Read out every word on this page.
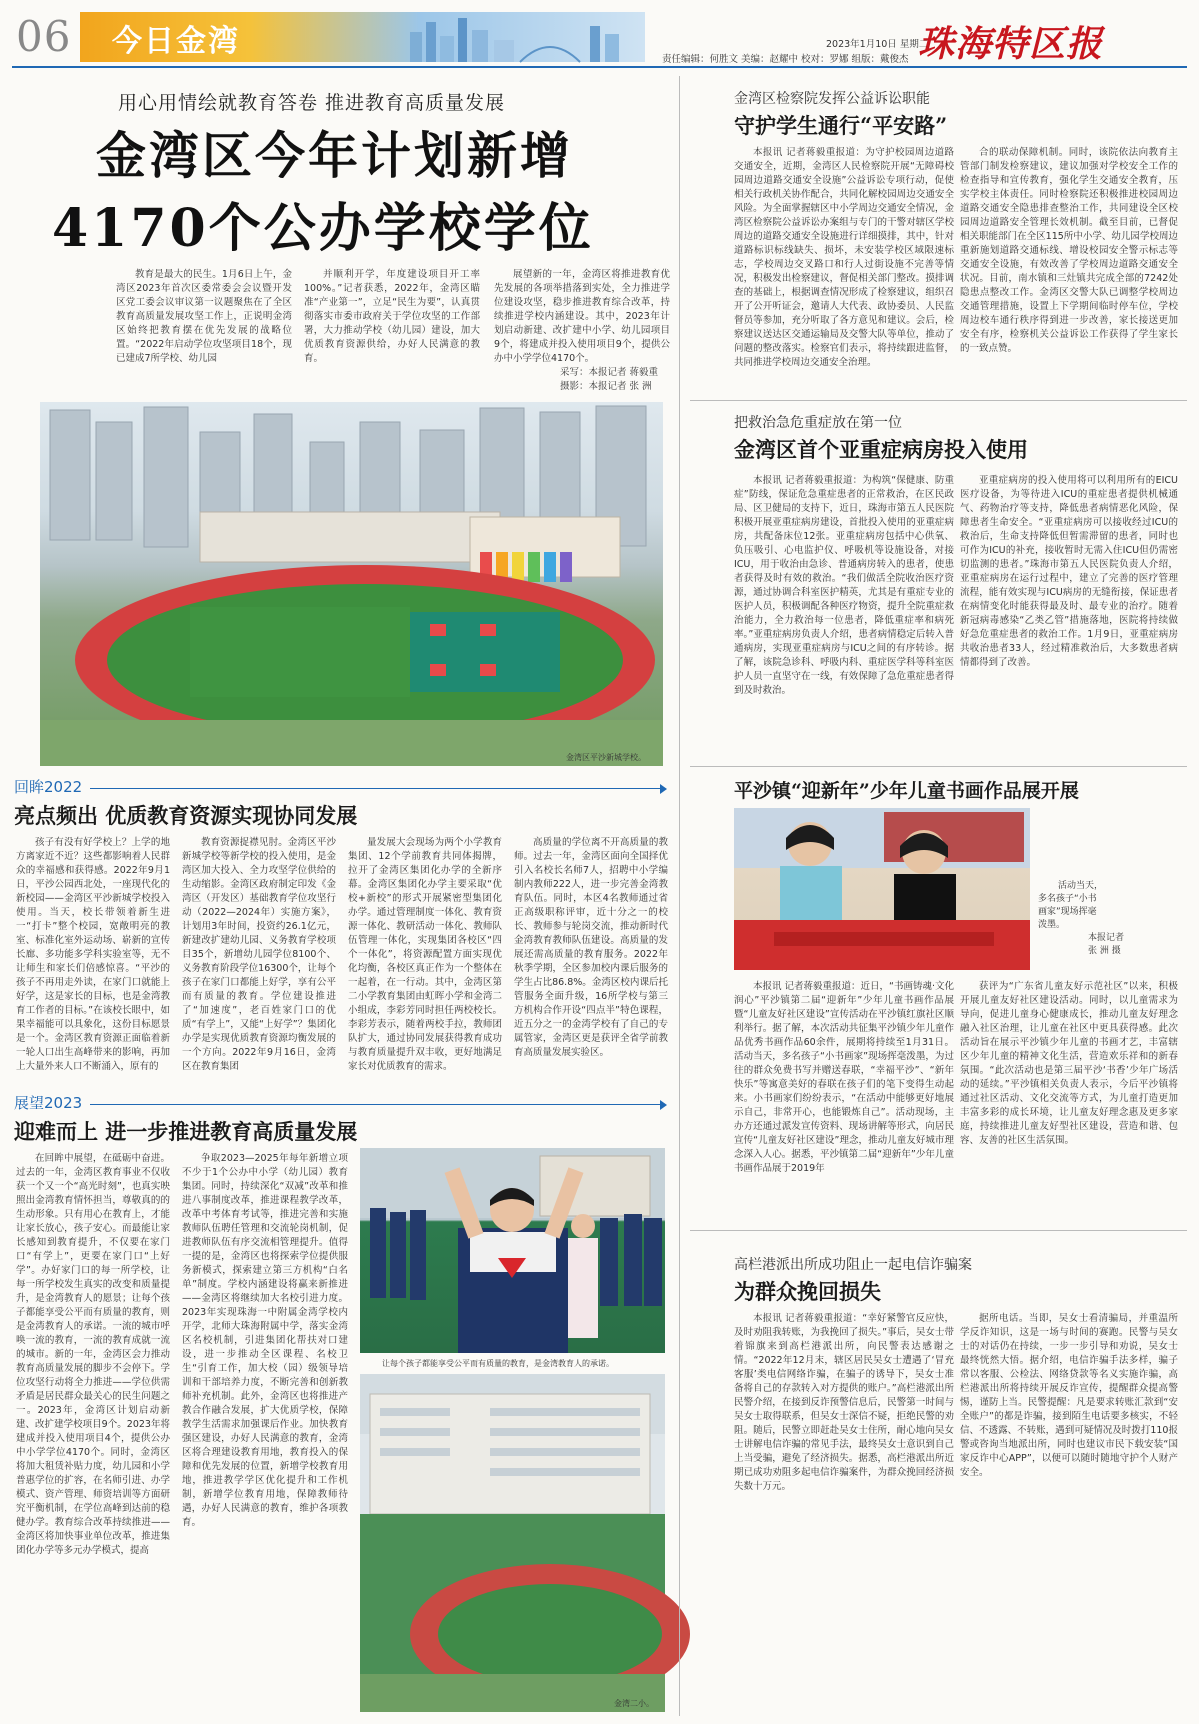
06 今日金湾	2023年1月10日 星期二
责任编辑：何胜文 美编：赵耀中 校对：罗娜 组版：戴俊杰 珠海特区报
用心用情绘就教育答卷 推进教育高质量发展
金湾区今年计划新增
4170个公办学校学位

教育是最大的民生。1月6日上午，金湾区2023年首次区委常委会会议暨开发区党工委会议审议第一议题聚焦在了全区教育高质量发展攻坚工作上，正说明金湾区始终把教育摆在优先发展的战略位置。“2022年启动学位攻坚项目18个，现已建成7所学校、幼儿园

并顺利开学，年度建设项目开工率100%。”记者获悉，2022年，金湾区瞄准“产业第一”，立足“民生为要”，认真贯彻落实市委市政府关于学位攻坚的工作部署，大力推动学校（幼儿园）建设，加大优质教育资源供给，办好人民满意的教育。

展望新的一年，金湾区将推进教育优先发展的各项举措落到实处，全力推进学位建设攻坚，稳步推进教育综合改革，持续推进学校内涵建设。其中，2023年计划启动新建、改扩建中小学、幼儿园项目9个，将建成并投入使用项目9个，提供公办中小学学位4170个。

采写：本报记者 蒋毅重
摄影：本报记者 张 洲
金湾区平沙新城学校。
回眸2022
亮点频出 优质教育资源实现协同发展

孩子有没有好学校上？上学的地方离家近不近？这些都影响着人民群众的幸福感和获得感。2022年9月1日，平沙公园西北处，一座现代化的新校园——金湾区平沙新城学校投入使用。当天，校长带领着新生进一“打卡”整个校园，宽敞明亮的教室、标准化室外运动场、崭新的宣传长廊、多功能多学科实验室等，无不让师生和家长们倍感惊喜。“平沙的孩子不再用走外读，在家门口就能上好学，这是家长的目标，也是金湾教育工作者的目标。”在该校长眼中，如果幸福能可以具象化，这份目标愿景是一个。金湾区教育资源正面临着新一轮人口出生高峰带来的影响，再加上大量外来人口不断涌入，原有的

教育资源捉襟见肘。金湾区平沙新城学校等新学校的投入使用，是金湾区加大投入、全力攻坚学位供给的生动缩影。金湾区政府制定印发《金湾区（开发区）基础教育学位攻坚行动（2022—2024年）实施方案》，计划用3年时间，投资约26.1亿元，新建改扩建幼儿园、义务教育学校项目35个，新增幼儿园学位8100个、义务教育阶段学位16300个，让每个孩子在家门口都能上好学，享有公平而有质量的教育。学位建设推进了“加速度”，老百姓家门口的优质“有学上”，又能“上好学”？集团化办学是实现优质教育资源均衡发展的一个方向。2022年9月16日，金湾区在教育集团

量发展大会现场为两个小学教育集团、12个学前教育共同体揭牌，拉开了金湾区集团化办学的全新序幕。金湾区集团化办学主要采取“优校+新校”的形式开展紧密型集团化办学。通过管理制度一体化、教育资源一体化、教研活动一体化、教师队伍管理一体化，实现集团各校区“四个一体化”，将资源配置方面实现优化均衡，各校区真正作为一个整体在一起着，在一行动。其中，金湾区第二小学教育集团由虹晖小学和金湾二小组成，李彩芳同时担任两校校长。李彩芳表示，随着两校手拉，教师团队扩大，通过协同发展获得教育成功与教育质量提升双丰收，更好地满足家长对优质教育的需求。

高质量的学位离不开高质量的教师。过去一年，金湾区面向全国择优引入名校长名师7人，招聘中小学编制内教师222人，进一步完善金湾教育队伍。同时，本区4名教师通过省正高级职称评审，近十分之一的校长、教师参与轮岗交流，推动新时代金湾教育教师队伍建设。高质量的发展还需高质量的教育服务。2022年秋季学期，全区参加校内课后服务的学生占比86.8%。金湾区校内课后托管服务全面升级，16所学校与第三方机构合作开设“四点半”特色课程，近五分之一的金湾学校有了自己的专属管家，金湾区更是获评全省学前教育高质量发展实验区。

展望2023
迎难而上 进一步推进教育高质量发展

在回眸中展望，在砥砺中奋进。过去的一年，金湾区教育事业不仅收获一个又一个“高光时刻”，也真实映照出金湾教育情怀担当，尊敬真的的生动形象。只有用心在教育上，才能让家长放心，孩子安心。而最能让家长感知到教育提升，不仅要在家门口“有学上”，更要在家门口“上好学”。办好家门口的每一所学校，让每一所学校发生真实的改变和质量提升，是金湾教育人的愿景；让每个孩子都能享受公平而有质量的教育，则是金湾教育人的承诺。一流的城市呼唤一流的教育，一流的教育成就一流的城市。新的一年，金湾区会力推动教育高质量发展的脚步不会停下。学位攻坚行动将全力推进——学位供需矛盾是居民群众最关心的民生问题之一。2023年，金湾区计划启动新建、改扩建学校项目9个。2023年将建成并投入使用项目4个，提供公办中小学学位4170个。同时，金湾区将加大租赁补贴力度，幼儿园和小学普惠学位的扩容，在名师引进、办学模式、资产管理、师资培训等方面研究平衡机制，在学位高峰到达前的稳健办学。教育综合改革持续推进——金湾区将加快事业单位改革，推进集团化办学等多元办学模式，提高

争取2023—2025年每年新增立项不少于1个公办中小学（幼儿园）教育集团。同时，持续深化“双减”改革和推进八事制度改革，推进课程教学改革，改革中考体育考试等，推进完善和实施教师队伍聘任管理和交流轮岗机制，促进教师队伍有序交流相管理提升。值得一提的是，金湾区也将探索学位提供服务新模式，探索建立第三方机构“白名单”制度。学校内涵建设将赢来新推进——金湾区将继续加大名校引进力度。2023年实现珠海一中附属金湾学校内开学，北师大珠海附属中学，落实金湾区名校机制，引进集团化帮扶对口建设，进一步推动全区课程、名校卫生“引育工作，加大校（园）级领导培训和干部培养力度，不断完善和创新教师补充机制。此外，金湾区也将推进产教合作融合发展，扩大优质学校，保障教学生活需求加强课后作业。加快教育强区建设，办好人民满意的教育，金湾区将合理建设教育用地，教育投入的保障和优先发展的位置，新增学校教育用地，推进教学学区优化提升和工作机制，新增学位教育用地，保障教师待遇，办好人民满意的教育，维护各项教育。

让每个孩子都能享受公平而有质量的教育，是金湾教育人的承诺。
金湾二小。
金湾区检察院发挥公益诉讼职能
守护学生通行“平安路”

本报讯 记者蒋毅重报道：为守护校园周边道路交通安全，近期，金湾区人民检察院开展“无障碍校园周边道路交通安全设施”公益诉讼专项行动，促使相关行政机关协作配合，共同化解校园周边交通安全风险。为全面掌握辖区中小学周边交通安全情况，金湾区检察院公益诉讼办案组与专门的干警对辖区学校周边的道路交通安全设施进行详细摸排，其中，针对道路标识标线缺失、损坏，未安装学校区域限速标志，学校周边交叉路口和行人过街设施不完善等情况，积极发出检察建议，督促相关部门整改。摸排调查的基础上，根据调查情况形成了检察建议，组织召开了公开听证会，邀请人大代表、政协委员、人民监督员等参加，充分听取了各方意见和建议。会后，检察建议送达区交通运输局及交警大队等单位，推动了问题的整改落实。检察官们表示，将持续跟进监督，共同推进学校周边交通安全治理。

合的联动保障机制。同时，该院依法向教育主管部门制发检察建议，建议加强对学校安全工作的检查指导和宣传教育，强化学生交通安全教育，压实学校主体责任。同时检察院还积极推进校园周边道路交通安全隐患排查整治工作，共同建设全区校园周边道路安全管理长效机制。截至目前，已督促相关职能部门在全区115所中小学、幼儿园学校周边重新施划道路交通标线、增设校园安全警示标志等交通安全设施，有效改善了学校周边道路交通安全状况。目前，南水镇和三灶镇共完成全部的7242处隐患点整改工作。金湾区交警大队已调整学校周边交通管理措施，设置上下学期间临时停车位，学校周边校车通行秩序得到进一步改善，家长接送更加安全有序，检察机关公益诉讼工作获得了学生家长的一致点赞。

把救治急危重症放在第一位
金湾区首个亚重症病房投入使用

本报讯 记者蒋毅重报道：为构筑“保健康、防重症”防线，保证危急重症患者的正常救治，在区民政局、区卫健局的支持下，近日，珠海市第五人民医院积极开展亚重症病房建设，首批投入使用的亚重症病房，共配备床位12张。亚重症病房包括中心供氧、负压吸引、心电监护仪、呼吸机等设施设备，对接ICU，用于收治由急诊、普通病房转入的患者，使患者获得及时有效的救治。“我们做活全院收治医疗资源，通过协调合科室医护精英，尤其是有重症专业的医护人员，积极调配各种医疗物资，提升全院重症救治能力，全力救治每一位患者，降低重症率和病死率。”亚重症病房负责人介绍，患者病情稳定后转入普通病房，实现亚重症病房与ICU之间的有序转诊。据了解，该院急诊科、呼吸内科、重症医学科等科室医护人员一直坚守在一线，有效保障了急危重症患者得到及时救治。

亚重症病房的投入使用将可以利用所有的EICU医疗设备，为等待进入ICU的重症患者提供机械通气、药物治疗等支持，降低患者病情恶化风险，保障患者生命安全。“亚重症病房可以接收经过ICU的救治后，生命支持降低但暂需滞留的患者，同时也可作为ICU的补充，接收暂时无需入住ICU但仍需密切监测的患者。”珠海市第五人民医院负责人介绍，亚重症病房在运行过程中，建立了完善的医疗管理流程，能有效实现与ICU病房的无缝衔接，保证患者在病情变化时能获得最及时、最专业的治疗。随着新冠病毒感染“乙类乙管”措施落地，医院将持续做好急危重症患者的救治工作。1月9日，亚重症病房共收治患者33人，经过精准救治后，大多数患者病情都得到了改善。

平沙镇“迎新年”少年儿童书画作品展开展
活动当天，
多名孩子“小书
画家”现场挥毫
泼墨。
本报记者
张 洲 摄

本报讯 记者蒋毅重报道：近日，“书画铸魂·文化润心”平沙镇第二届“迎新年”少年儿童书画作品展暨“儿童友好社区建设”宣传活动在平沙镇红旗社区顺利举行。据了解，本次活动共征集平沙镇少年儿童作品优秀书画作品60余件，展期将持续至1月31日。活动当天，多名孩子“小书画家”现场挥毫泼墨，为过往的群众免费书写并赠送春联，“幸福平沙”、“新年快乐”等寓意美好的春联在孩子们的笔下变得生动起来。小书画家们纷纷表示，“在活动中能够更好地展示自己，非常开心，也能锻炼自己”。活动现场，主办方还通过派发宣传资料、现场讲解等形式，向居民宣传“儿童友好社区建设”理念，推动儿童友好城市理念深入人心。据悉，平沙镇第二届“迎新年”少年儿童书画作品展于2019年

获评为“广东省儿童友好示范社区”以来，积极开展儿童友好社区建设活动。同时，以儿童需求为导向，促进儿童身心健康成长，推动儿童友好理念融入社区治理，让儿童在社区中更具获得感。此次活动旨在展示平沙镇少年儿童的书画才艺，丰富辖区少年儿童的精神文化生活，营造欢乐祥和的新春氛围。“此次活动也是第三届平沙‘书香’少年广场活动的延续。”平沙镇相关负责人表示，今后平沙镇将通过社区活动、文化交流等方式，为儿童打造更加丰富多彩的成长环境，让儿童友好理念惠及更多家庭，持续推进儿童友好型社区建设，营造和谐、包容、友善的社区生活氛围。

高栏港派出所成功阻止一起电信诈骗案
为群众挽回损失

本报讯 记者蒋毅重报道：“幸好紧警官反应快，及时劝阻我转账，为我挽回了损失。”事后，吴女士带着锦旗来到高栏港派出所，向民警表达感谢之情。“2022年12月末，辖区居民吴女士遭遇了‘冒充客服’类电信网络诈骗，在骗子的诱导下，吴女士准备将自己的存款转入对方提供的账户。”高栏港派出所民警介绍，在接到反诈预警信息后，民警第一时间与吴女士取得联系，但吴女士深信不疑，拒绝民警的劝阻。随后，民警立即赶赴吴女士住所，耐心地向吴女士讲解电信诈骗的常见手法，最终吴女士意识到自己上当受骗，避免了经济损失。据悉，高栏港派出所近期已成功劝阻多起电信诈骗案件，为群众挽回经济损失数十万元。

据所电话。当即，吴女士看清骗局，并重温所学反诈知识，这是一场与时间的赛跑。民警与吴女士的对话仍在持续，一步一步引导和劝说，吴女士最终恍然大悟。据介绍，电信诈骗手法多样，骗子常以客服、公检法、网络贷款等名义实施诈骗，高栏港派出所将持续开展反诈宣传，提醒群众提高警惕，谨防上当。民警提醒：凡是要求转账汇款到“安全账户”的都是诈骗，接到陌生电话要多核实，不轻信、不透露、不转账，遇到可疑情况及时拨打110报警或咨询当地派出所，同时也建议市民下载安装“国家反诈中心APP”，以便可以随时随地守护个人财产安全。
